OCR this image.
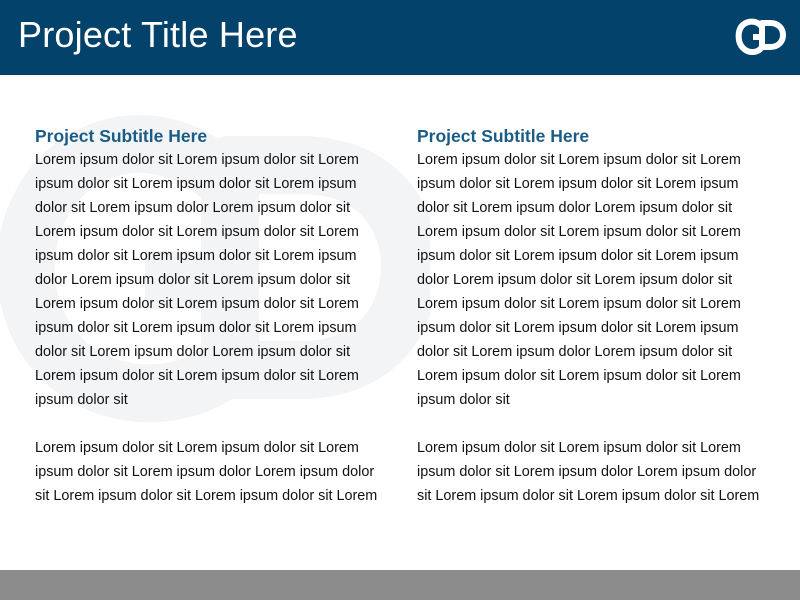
Project Title Here
Project Subtitle Here

Lorem ipsum dolor sit Lorem ipsum dolor sit Lorem
ipsum dolor sit Lorem ipsum dolor sit Lorem ipsum
dolor sit Lorem ipsum dolor Lorem ipsum dolor sit
Lorem ipsum dolor sit Lorem ipsum dolor sit Lorem
ipsum dolor sit Lorem ipsum dolor sit Lorem ipsum
dolor Lorem ipsum dolor sit Lorem ipsum dolor sit
Lorem ipsum dolor sit Lorem ipsum dolor sit Lorem
ipsum dolor sit Lorem ipsum dolor sit Lorem ipsum
dolor sit Lorem ipsum dolor Lorem ipsum dolor sit
Lorem ipsum dolor sit Lorem ipsum dolor sit Lorem
ipsum dolor sit

Lorem ipsum dolor sit Lorem ipsum dolor sit Lorem
ipsum dolor sit Lorem ipsum dolor Lorem ipsum dolor
sit Lorem ipsum dolor sit Lorem ipsum dolor sit Lorem

Project Subtitle Here

Lorem ipsum dolor sit Lorem ipsum dolor sit Lorem
ipsum dolor sit Lorem ipsum dolor sit Lorem ipsum
dolor sit Lorem ipsum dolor Lorem ipsum dolor sit
Lorem ipsum dolor sit Lorem ipsum dolor sit Lorem
ipsum dolor sit Lorem ipsum dolor sit Lorem ipsum
dolor Lorem ipsum dolor sit Lorem ipsum dolor sit
Lorem ipsum dolor sit Lorem ipsum dolor sit Lorem
ipsum dolor sit Lorem ipsum dolor sit Lorem ipsum
dolor sit Lorem ipsum dolor Lorem ipsum dolor sit
Lorem ipsum dolor sit Lorem ipsum dolor sit Lorem
ipsum dolor sit

Lorem ipsum dolor sit Lorem ipsum dolor sit Lorem
ipsum dolor sit Lorem ipsum dolor Lorem ipsum dolor
sit Lorem ipsum dolor sit Lorem ipsum dolor sit Lorem
